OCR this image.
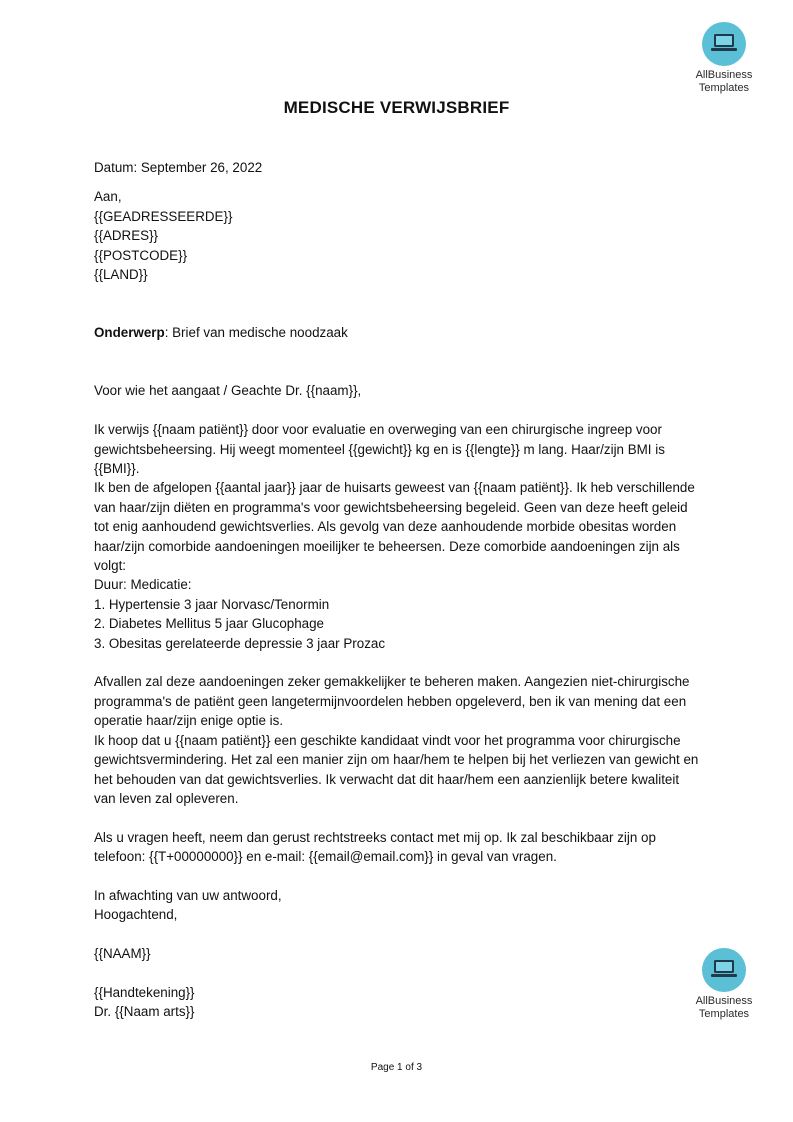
AllBusiness
Templates
MEDISCHE VERWIJSBRIEF

Datum: September 26, 2022

Aan,

{{GEADRESSEERDE}}

{{ADRES}}

{{POSTCODE}}

{{LAND}}

Onderwerp: Brief van medische noodzaak

Voor wie het aangaat / Geachte Dr. {{naam}},

Ik verwijs {{naam patiënt}} door voor evaluatie en overweging van een chirurgische ingreep voor gewichtsbeheersing. Hij weegt momenteel {{gewicht}} kg en is {{lengte}} m lang. Haar/zijn BMI is {{BMI}}.

Ik ben de afgelopen {{aantal jaar}} jaar de huisarts geweest van {{naam patiënt}}. Ik heb verschillende van haar/zijn diëten en programma's voor gewichtsbeheersing begeleid. Geen van deze heeft geleid tot enig aanhoudend gewichtsverlies. Als gevolg van deze aanhoudende morbide obesitas worden haar/zijn comorbide aandoeningen moeilijker te beheersen. Deze comorbide aandoeningen zijn als volgt:

Duur: Medicatie:

1. Hypertensie 3 jaar Norvasc/Tenormin

2. Diabetes Mellitus 5 jaar Glucophage

3. Obesitas gerelateerde depressie 3 jaar Prozac

Afvallen zal deze aandoeningen zeker gemakkelijker te beheren maken. Aangezien niet-chirurgische programma's de patiënt geen langetermijnvoordelen hebben opgeleverd, ben ik van mening dat een operatie haar/zijn enige optie is.

Ik hoop dat u {{naam patiënt}} een geschikte kandidaat vindt voor het programma voor chirurgische gewichtsvermindering. Het zal een manier zijn om haar/hem te helpen bij het verliezen van gewicht en het behouden van dat gewichtsverlies. Ik verwacht dat dit haar/hem een aanzienlijk betere kwaliteit van leven zal opleveren.

Als u vragen heeft, neem dan gerust rechtstreeks contact met mij op. Ik zal beschikbaar zijn op telefoon: {{T+00000000}} en e-mail: {{email@email.com}} in geval van vragen.

In afwachting van uw antwoord,

Hoogachtend,

{{NAAM}}

{{Handtekening}}

Dr. {{Naam arts}}

AllBusiness
Templates
Page 1 of 3
